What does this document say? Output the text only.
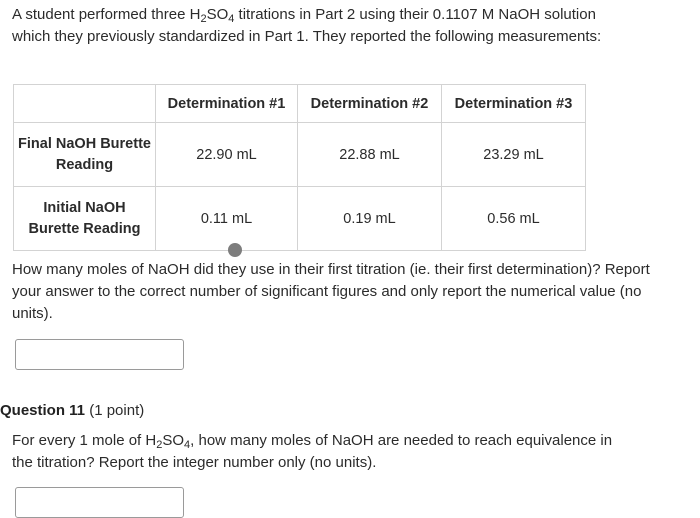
A student performed three $H_2SO_4$ titrations in Part 2 using their 0.1107 M NaOH solution which they previously standardized in Part 1. They reported the following measurements:
	Determination #1	Determination #2	Determination #3
Final NaOH Burette
Reading	22.90 mL	22.88 mL	23.29 mL
Initial NaOH
Burette Reading	0.11 mL	0.19 mL	0.56 mL
How many moles of NaOH did they use in their first titration (ie. their first determination)? Report your answer to the correct number of significant figures and only report the numerical value (no units).
Question 11 (1 point)
For every 1 mole of $H_2SO_4$, how many moles of NaOH are needed to reach equivalence in the titration? Report the integer number only (no units).
